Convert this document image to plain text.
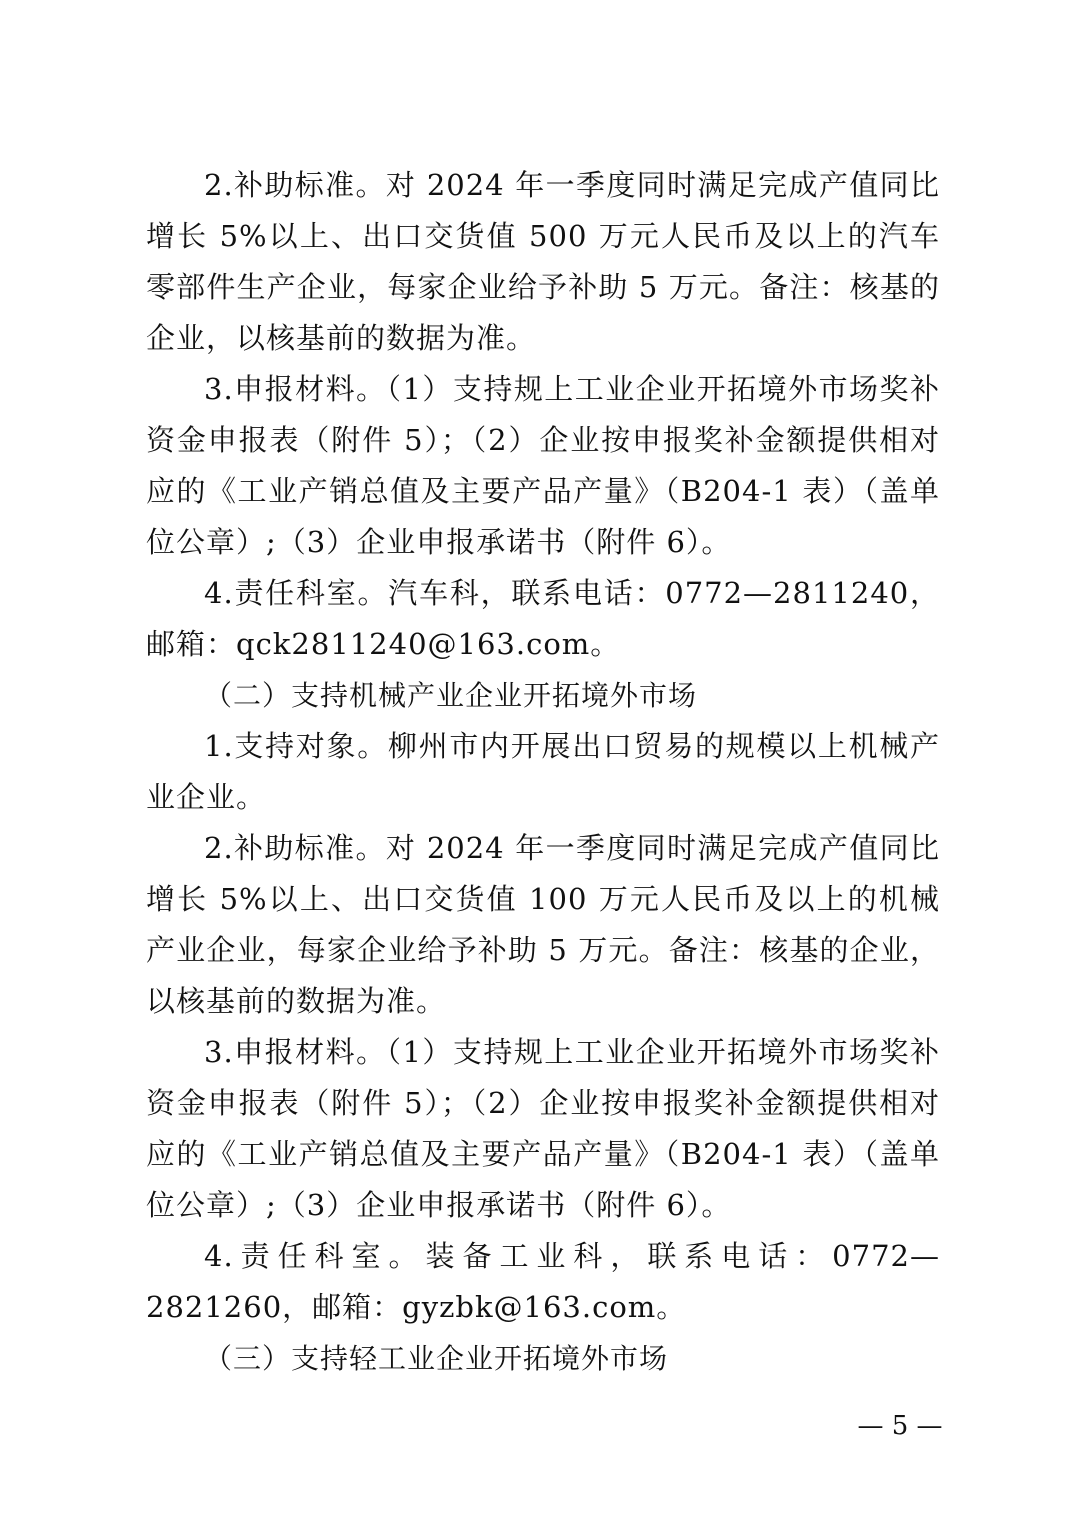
2.补助标准。对 2024 年一季度同时满足完成产值同比增长 5%以上、出口交货值 500 万元人民币及以上的汽车零部件生产企业，每家企业给予补助 5 万元。备注：核基的企业，以核基前的数据为准。

3.申报材料。（1）支持规上工业企业开拓境外市场奖补资金申报表（附件 5）；（2）企业按申报奖补金额提供相对应的《工业产销总值及主要产品产量》（B204-1 表）（盖单位公章）;（3）企业申报承诺书（附件 6）。

4.责任科室。汽车科，联系电话：0772—2811240，邮箱：qck2811240@163.com。

（二）支持机械产业企业开拓境外市场

1.支持对象。柳州市内开展出口贸易的规模以上机械产业企业。

2.补助标准。对 2024 年一季度同时满足完成产值同比增长 5%以上、出口交货值 100 万元人民币及以上的机械产业企业，每家企业给予补助 5 万元。备注：核基的企业，以核基前的数据为准。

3.申报材料。（1）支持规上工业企业开拓境外市场奖补资金申报表（附件 5）；（2）企业按申报奖补金额提供相对应的《工业产销总值及主要产品产量》（B204-1 表）（盖单位公章）;（3）企业申报承诺书（附件 6）。

4.责任科室。装备工业科，联系电话：0772—2821260，邮箱：gyzbk@163.com。

（三）支持轻工业企业开拓境外市场

— 5 —
